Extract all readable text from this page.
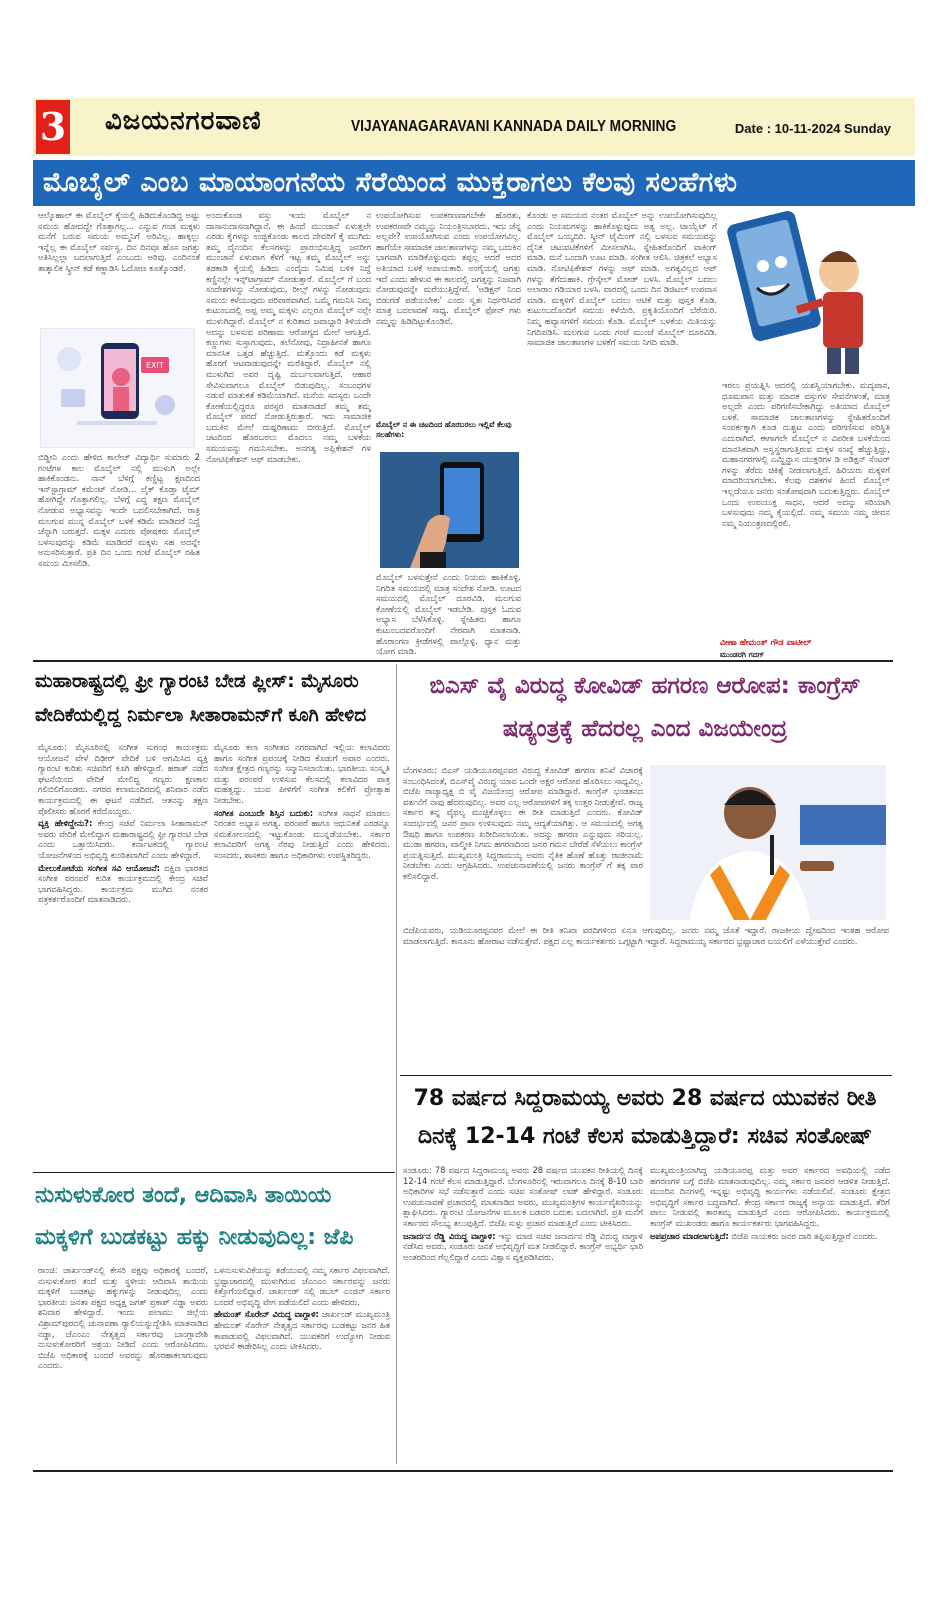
3 ವಿಜಯನಗರವಾಣಿ	VIJAYANAGARAVANI KANNADA DAILY MORNING	Date : 10-11-2024 Sunday
ಮೊಬೈಲ್ ಎಂಬ ಮಾಯಾಂಗನೆಯ ಸೆರೆಯಿಂದ ಮುಕ್ತರಾಗಲು ಕೆಲವು ಸಲಹೆಗಳು
ಆಲ್ಕೊಹಾಲ್ ಈ ಮೊಬೈಲ್ ಕೈಯಲ್ಲಿ ಹಿಡಿದುಕೊಂಡಿದ್ದ ಅಷ್ಟು ಸಮಯ ಹೋದದ್ದೇ ಗೊತ್ತಾಗಲ್ಲ... ಎನ್ನುವ ಗಂಡ ಮಕ್ಕಳು ಮನೆಗೆ ಬರುವ ಸಮಯ ಅಮ್ಮನಿಗೆ ಅರಿವಿಲ್ಲ. ಹಾಕ್ಕಲ್ಲು ಇನ್ನೆಲ್ಲ ಈ ಮೊಬೈಲ್ ಸರ್ವಸ್ವ. ದಿನ ದಿನವೂ ಹೊಸ ಜಗತ್ತು ಅತಿಸಿಲ್ಲಲ್ಲಾ ಬದಲಾಗುತ್ತಿದೆ ಎಂಬುದು ಅರಿವು. ಎಂದಿನಂತೆ ತಾತ್ಕಾಲಿಕ ಸ್ಕ್ರೀನ್ ಕಡೆ ಕಣ್ಣಾಡಿಸಿ ಓದೋಣ ಕೂತ್ಕೊಂಡರೆ.
EXIT
ಬಿಡ್ಡೀನಿ ಎಂದು ಹೇಳಿದ ಕಾಲೇಜ್ ವಿದ್ಯಾರ್ಥಿ ಸುಮಾರು 2 ಗಂಟೆಗಳ ಕಾಲ ಮೊಬೈಲ್ ನಲ್ಲಿ ಮುಳುಗಿ ಅಲ್ಲೇ ಹಾಕಿಕೊಂಡನು. ನಾನ್ ಬೆಳಿಗ್ಗೆ ಕಣ್ಣಿಟ್ಟ ಕ್ಷಣದಿಂದ ಇನ್‌ಸ್ಟಾಗ್ರಾಮ್ ಕಮೆಂಟ್ ನೋಡಿ... ಲೈಕ್ ಕೊಡ್ತಾ ಟೈಮ್ ಹೋಗಿದ್ದೇ ಗೊತ್ತಾಗಲಿಲ್ಲ. ಬೆಳಗ್ಗೆ ಎದ್ದ ತಕ್ಷಣ ಮೊಬೈಲ್ ನೋಡುವ ಅಭ್ಯಾಸವನ್ನು ಇಂದೇ ಬದಲಿಸಬೇಕಾಗಿದೆ. ರಾತ್ರಿ ಮಲಗುವ ಮುನ್ನ ಮೊಬೈಲ್ ಬಳಕೆ ಕಡಿಮೆ ಮಾಡಿದರೆ ನಿದ್ದೆ ಚೆನ್ನಾಗಿ ಬರುತ್ತದೆ. ಮಕ್ಕಳ ಎದುರು ಪೋಷಕರು ಮೊಬೈಲ್ ಬಳಸುವುದನ್ನು ಕಡಿಮೆ ಮಾಡಿದರೆ ಮಕ್ಕಳು ಸಹ ಅದನ್ನೇ ಅನುಸರಿಸುತ್ತಾರೆ. ಪ್ರತಿ ದಿನ ಒಂದು ಗಂಟೆ ಮೊಬೈಲ್ ರಹಿತ ಸಮಯ ಮೀಸಲಿಡಿ.
ಅಂದುಕೊಂಡ ವಸ್ತು ಇಂದು ಮೊಬೈಲ್ ನ ದಾಸಾನುದಾಸನಾಗಿದ್ದಾನೆ. ಈ ಹಿಂದೆ ಮುಂಜಾನೆ ಏಳುತ್ತಲೇ ಎರಡು ಕೈಗಳನ್ನು ಉಜ್ಜಿಕೊಂಡು ಕಾಲದ ದೇವರಿಗೆ ಕೈ ಮುಗಿದು ತಮ್ಮ ದೈನಂದಿನ ಕೆಲಸಗಳನ್ನು ಪ್ರಾರಂಭಿಸುತ್ತಿದ್ದ ಜನರೀಗ ಮುಂಜಾನೆ ಏಳುವಾಗ ಕೆಳಗೆ ಇಟ್ಟ ತಮ್ಮ ಮೊಬೈಲ್ ಅನ್ನು ತಡಕಾಡಿ ಕೈಯಲ್ಲಿ ಹಿಡಿದು ಎಂದೈದು ನಿಮಿಷ ಬಳಿಕ ನಿದ್ದೆ ಕಣ್ಣಿನಲ್ಲೇ ಇನ್ಸ್‌ಟಾಗ್ರಾಮ್ ನೋಡುತ್ತಾರೆ. ಮೊಬೈಲ್ ಗೆ ಬಂದ ಸಂದೇಶಗಳನ್ನು ನೋಡುವುದು, ರೀಲ್ಸ್ ಗಳನ್ನು ನೋಡುವುದು ಸಮಯ ಕಳೆಯುವುದು ಪರಿಪಾಠವಾಗಿದೆ. ಒಮ್ಮೆ ಗಮನಿಸಿ ನಿಮ್ಮ ಕುಟುಂಬದಲ್ಲಿ ಅಪ್ಪ ಅಮ್ಮ ಮಕ್ಕಳು ಎಲ್ಲರೂ ಮೊಬೈಲ್ ನಲ್ಲೇ ಮುಳುಗಿದ್ದಾರೆ. ಮೊಬೈಲ್ ನ ಕುರಿತಾದ ಜವಾಬ್ದಾರಿ ತಿಳಿಯದೇ ಅದನ್ನು ಬಳಸುವ ಪರಿಣಾಮ ಆರೋಗ್ಯದ ಮೇಲೆ ಆಗುತ್ತಿದೆ. ಕಣ್ಣುಗಳು ಸುಸ್ತಾಗುವುದು, ತಲೆನೋವು, ನಿದ್ರಾಹೀನತೆ ಹಾಗೂ ಮಾನಸಿಕ ಒತ್ತಡ ಹೆಚ್ಚುತ್ತಿದೆ. ಮತ್ತೊಂದು ಕಡೆ ಮಕ್ಕಳು ಹೊರಗೆ ಆಟವಾಡುವುದನ್ನೇ ಮರೆತಿದ್ದಾರೆ. ಮೊಬೈಲ್ ನಲ್ಲಿ ಮುಳುಗಿದ ಅವರ ದೃಷ್ಟಿ ದುರ್ಬಲವಾಗುತ್ತಿದೆ. ಆಹಾರ ಸೇವಿಸುವಾಗಲೂ ಮೊಬೈಲ್ ಬಿಡುವುದಿಲ್ಲ. ಸಂಬಂಧಗಳ ನಡುವೆ ಮಾತುಕತೆ ಕಡಿಮೆಯಾಗಿದೆ. ಮನೆಯ ಸದಸ್ಯರು ಒಂದೇ ಕೋಣೆಯಲ್ಲಿದ್ದರೂ ಪರಸ್ಪರ ಮಾತನಾಡದೆ ತಮ್ಮ ತಮ್ಮ ಮೊಬೈಲ್ ಪರದೆ ನೋಡುತ್ತಿರುತ್ತಾರೆ. ಇದು ಸಾಮಾಜಿಕ ಬದುಕಿನ ಮೇಲೆ ದುಷ್ಪರಿಣಾಮ ಬೀರುತ್ತಿದೆ. ಮೊಬೈಲ್ ಚಟದಿಂದ ಹೊರಬರಲು ಮೊದಲು ನಮ್ಮ ಬಳಕೆಯ ಸಮಯವನ್ನು ಗಮನಿಸಬೇಕು. ಅನಗತ್ಯ ಅಪ್ಲಿಕೇಶನ್ ಗಳ ನೋಟಿಫಿಕೇಶನ್ ಆಫ್ ಮಾಡಬೇಕು.
ಉಪಯೋಗಿಸುವ ಉಪಕರಣವಾಗಬೇಕೇ ಹೊರತು, ಉಪಕರಣವೇ ನಮ್ಮನ್ನು ನಿಯಂತ್ರಿಸಬಾರದು. ಇದು ಚೆನ್ನ ಅಲ್ಲವೇ? ಉಪಯೋಗಿಸುವ ಎಂದು ಉಪಯೋಗವಿಲ್ಲ. ಹಾಗೆಯೇ ಸಾಮಾಜಿಕ ಜಾಲತಾಣಗಳನ್ನು ನಮ್ಮ ಬದುಕಿನ ಭಾಗವಾಗಿ ಮಾಡಿಕೊಳ್ಳುವುದು ತಪ್ಪಲ್ಲ ಆದರೆ ಅದರ ಅತಿಯಾದ ಬಳಕೆ ಅಪಾಯಕಾರಿ. ಅಂಗೈಯಲ್ಲಿ ಜಗತ್ತು ಇದೆ ಎಂದು ಹೇಳುವ ಈ ಕಾಲದಲ್ಲಿ ಜಗತ್ತನ್ನು ನಿಜವಾಗಿ ನೋಡುವುದನ್ನೇ ಮರೆಯುತ್ತಿದ್ದೇವೆ. 'ಅಡಿಕ್ಷನ್ ನಿಂದ ಬಿಡುಗಡೆ ಪಡೆಯಬೇಕು' ಎಂದು ಸ್ವತಃ ನಿರ್ಧರಿಸಿದರೆ ಮಾತ್ರ ಬದಲಾವಣೆ ಸಾಧ್ಯ. ಮೊಬೈಲ್ ಫೋನ್ ಗಳು ನಮ್ಮನ್ನು ಹಿಡಿದಿಟ್ಟುಕೊಂಡಿವೆ.
ಮೊಬೈಲ್ ನ ಈ ಚಟದಿಂದ ಹೊರಬರಲು ಇಲ್ಲಿವೆ ಕೆಲವು ಸಲಹೆಗಳು:
ಮೊಬೈಲ್ ಬಳಸುತ್ತೇನೆ ಎಂದು ನಿಯಮ ಹಾಕಿಕೊಳ್ಳಿ. ನಿಗದಿತ ಸಮಯದಲ್ಲಿ ಮಾತ್ರ ಸಂದೇಶ ನೋಡಿ. ಊಟದ ಸಮಯದಲ್ಲಿ ಮೊಬೈಲ್ ದೂರವಿಡಿ. ಮಲಗುವ ಕೋಣೆಯಲ್ಲಿ ಮೊಬೈಲ್ ಇಡಬೇಡಿ. ಪುಸ್ತಕ ಓದುವ ಅಭ್ಯಾಸ ಬೆಳೆಸಿಕೊಳ್ಳಿ. ಸ್ನೇಹಿತರು ಹಾಗೂ ಕುಟುಂಬದವರೊಂದಿಗೆ ನೇರವಾಗಿ ಮಾತನಾಡಿ. ಹೊರಾಂಗಣ ಕ್ರೀಡೆಗಳಲ್ಲಿ ಪಾಲ್ಗೊಳ್ಳಿ. ಧ್ಯಾನ ಮತ್ತು ಯೋಗ ಮಾಡಿ.
ಕೊಂಡು ಆ ಸಮಯದ ನಂತರ ಮೊಬೈಲ್ ಅನ್ನು ಉಪಯೋಗಿಸುವುದಿಲ್ಲ ಎಂದು ನಿಯಮಗಳನ್ನು ಹಾಕಿಕೊಳ್ಳುವುದು ಅತ್ಯ ಅಲ್ಲ. ಟಾಯ್ಲೆಟ್ ಗೆ ಮೊಬೈಲ್ ಒಯ್ಯದಿರಿ. ಸ್ಕ್ರೀನ್ ಟೈಮಿಂಗ್ ನಲ್ಲಿ ಬಳಸುವ ಸಮಯವನ್ನು ದೈನಿಕ ಚಟುವಟಿಕೆಗಳಿಗೆ ಮೀಸಲಾಗಿಸಿ. ಸ್ನೇಹಿತರೊಂದಿಗೆ ವಾಕಿಂಗ್ ಮಾಡಿ. ಮನೆ ಒಂದಾಗಿ ಊಟ ಮಾಡಿ. ಸಂಗೀತ ಆಲಿಸಿ. ಚಿತ್ರಕಲೆ ಅಭ್ಯಾಸ ಮಾಡಿ. ನೋಟಿಫಿಕೇಶನ್ ಗಳನ್ನು ಆಫ್ ಮಾಡಿ. ಅಗತ್ಯವಿಲ್ಲದ ಆಪ್ ಗಳನ್ನು ತೆಗೆದುಹಾಕಿ. ಗ್ರೇಸ್ಕೇಲ್ ಮೋಡ್ ಬಳಸಿ. ಮೊಬೈಲ್ ಬದಲು ಅಲಾರಾಂ ಗಡಿಯಾರ ಬಳಸಿ. ವಾರದಲ್ಲಿ ಒಂದು ದಿನ ಡಿಜಿಟಲ್ ಉಪವಾಸ ಮಾಡಿ. ಮಕ್ಕಳಿಗೆ ಮೊಬೈಲ್ ಬದಲು ಆಟಿಕೆ ಮತ್ತು ಪುಸ್ತಕ ಕೊಡಿ. ಕುಟುಂಬದೊಂದಿಗೆ ಸಮಯ ಕಳೆಯಿರಿ. ಪ್ರಕೃತಿಯೊಂದಿಗೆ ಬೆರೆಯಿರಿ. ನಿಮ್ಮ ಹವ್ಯಾಸಗಳಿಗೆ ಸಮಯ ಕೊಡಿ. ಮೊಬೈಲ್ ಬಳಕೆಯ ಮಿತಿಯನ್ನು ನಿಗದಿಪಡಿಸಿ. ಮಲಗುವ ಒಂದು ಗಂಟೆ ಮುಂಚೆ ಮೊಬೈಲ್ ದೂರವಿಡಿ. ಸಾಮಾಜಿಕ ಜಾಲತಾಣಗಳ ಬಳಕೆಗೆ ಸಮಯ ನಿಗದಿ ಮಾಡಿ.
ಇರಲು ಪ್ರಯತ್ನಿಸಿ ಆದರಲ್ಲಿ ಯಶಸ್ವಿಯಾಗಬೇಕು. ಮದ್ಯಪಾನ, ಧೂಮಪಾನ ಮತ್ತು ಮಾದಕ ವಸ್ತುಗಳ ಸೇವನೆಗಳಂತೆ, ಮಾತ್ರ ಅಲ್ಲದೇ ಎಂದು ಪರಿಗಣಿಸಬೇಕಾಗಿದ್ದು ಅತಿಯಾದ ಮೊಬೈಲ್ ಬಳಕೆ. ಸಾಮಾಜಿಕ ಜಾಲತಾಣಗಳನ್ನು ಸ್ನೇಹಿತರೊಂದಿಗೆ ಸಂಪರ್ಕಕ್ಕಾಗಿ ಕೂಡ ದುಶ್ಚಟ ಎಂದು ಪರಿಗಣಿಸುವ ಪರಿಸ್ಥಿತಿ ಎದುರಾಗಿದೆ. ಈಗಾಗಲೇ ಮೊಬೈಲ್ ನ ವಿಪರೀತ ಬಳಕೆಯಿಂದ ಮಾನಸಿಕವಾಗಿ ಅಸ್ವಸ್ಥರಾಗುತ್ತಿರುವ ಮಕ್ಕಳ ಸಂಖ್ಯೆ ಹೆಚ್ಚುತ್ತಿದ್ದು, ಮಹಾನಗರಗಳಲ್ಲಿ ಎಮ್ಹಿನ್ಹಾಸ ಯುಕ್ತರಿಗಳ ಡಿ ಅಡಿಕ್ಷನ್ ಸೆಂಟರ್ ಗಳನ್ನು ತೆರೆದು ಚಿಕಿತ್ಸೆ ನೀಡಲಾಗುತ್ತಿದೆ. ಹಿರಿಯರು ಮಕ್ಕಳಿಗೆ ಮಾದರಿಯಾಗಬೇಕು. ಕೆಲವು ದಶಕಗಳ ಹಿಂದೆ ಮೊಬೈಲ್ ಇಲ್ಲದೆಯೂ ಜನರು ಸಂತೋಷವಾಗಿ ಬದುಕುತ್ತಿದ್ದರು. ಮೊಬೈಲ್ ಒಂದು ಉಪಯುಕ್ತ ಸಾಧನ, ಆದರೆ ಅದನ್ನು ಸರಿಯಾಗಿ ಬಳಸುವುದು ನಮ್ಮ ಕೈಯಲ್ಲಿದೆ. ನಮ್ಮ ಸಮಯ ನಮ್ಮ ಜೀವನ ನಮ್ಮ ನಿಯಂತ್ರಣದಲ್ಲಿರಲಿ.
ವೀಣಾ ಹೇಮಂತ್ ಗೌಡ ಪಾಟೀಲ್
ಮುಂಡರಗಿ ಗದಗ್
ಮಹಾರಾಷ್ಟ್ರದಲ್ಲಿ ಫ್ರೀ ಗ್ಯಾರಂಟಿ ಬೇಡ ಪ್ಲೀಸ್: ಮೈಸೂರು ವೇದಿಕೆಯಲ್ಲಿದ್ದ ನಿರ್ಮಲಾ ಸೀತಾರಾಮನ್‌ಗೆ ಕೂಗಿ ಹೇಳಿದ

ಮೈಸೂರು: ಮೈಸೂರಿನಲ್ಲಿ ಸಂಗೀತ ಸುಗಂಧ ಕಾರ್ಯಕ್ರಮ ಆಯೋಜನೆ ವೇಳೆ ದಿಢೀರ್ ವೇದಿಕೆ ಬಳಿ ಆಗಮಿಸಿದ ವ್ಯಕ್ತಿ ಗ್ಯಾರಂಟಿ ಕುರಿತು ಸಚಿವರಿಗೆ ಕೂಗಿ ಹೇಳಿದ್ದಾರೆ. ಹಠಾತ್ ನಡೆದ ಘಟನೆಯಿಂದ ವೇದಿಕೆ ಮೇಲಿದ್ದ ಗಣ್ಯರು ಕ್ಷಣಕಾಲ ಗಲಿಬಿಲಿಗೊಂಡರು. ನಗರದ ಕಲಾಮಂದಿರದಲ್ಲಿ ಶನಿವಾರ ನಡೆದ ಕಾರ್ಯಕ್ರಮದಲ್ಲಿ ಈ ಘಟನೆ ನಡೆದಿದೆ. ಆತನನ್ನು ತಕ್ಷಣ ಪೊಲೀಸರು ಹೊರಗೆ ಕರೆದೊಯ್ದರು.

ವ್ಯಕ್ತಿ ಹೇಳಿದ್ದೇನು?: ಕೇಂದ್ರ ಸಚಿವೆ ನಿರ್ಮಲಾ ಸೀತಾರಾಮನ್ ಅವರು ವೇದಿಕೆ ಮೇಲಿದ್ದಾಗ ಮಹಾರಾಷ್ಟ್ರದಲ್ಲಿ ಫ್ರೀ ಗ್ಯಾರಂಟಿ ಬೇಡ ಎಂದು ಒತ್ತಾಯಿಸಿದರು. ಕರ್ನಾಟಕದಲ್ಲಿ ಗ್ಯಾರಂಟಿ ಯೋಜನೆಗಳಿಂದ ಅಭಿವೃದ್ಧಿ ಕುಂಠಿತವಾಗಿದೆ ಎಂದು ಹೇಳಿದ್ದಾರೆ.

ಮೇಲುಕೋಟೆಯ ಸಂಗೀತ ಸವಿ ಆಯೋಜನೆ: ದಕ್ಷಿಣ ಭಾರತದ ಸಂಗೀತ ಪರಂಪರೆ ಕುರಿತ ಕಾರ್ಯಕ್ರಮದಲ್ಲಿ ಕೇಂದ್ರ ಸಚಿವೆ ಭಾಗವಹಿಸಿದ್ದರು. ಕಾರ್ಯಕ್ರಮ ಮುಗಿದ ನಂತರ ಪತ್ರಕರ್ತರೊಂದಿಗೆ ಮಾತನಾಡಿದರು.

ಮೈಸೂರು ಕಲಾ ಸಂಗೀತದ ನಗರವಾಗಿದೆ ಇಲ್ಲಿಯ ಕಲಾವಿದರು ಹಾಗೂ ಸಂಗೀತ ಪ್ರಪಂಚಕ್ಕೆ ನೀಡಿದ ಕೊಡುಗೆ ಅಪಾರ ಎಂದರು. ಸಂಗೀತ ಕ್ಷೇತ್ರದ ಗಣ್ಯರನ್ನು ಸನ್ಮಾನಿಸಲಾಯಿತು. ಭಾರತೀಯ ಸಂಸ್ಕೃತಿ ಮತ್ತು ಪರಂಪರೆ ಉಳಿಸುವ ಕೆಲಸದಲ್ಲಿ ಕಲಾವಿದರ ಪಾತ್ರ ಮಹತ್ವದ್ದು. ಯುವ ಪೀಳಿಗೆಗೆ ಸಂಗೀತ ಕಲಿಕೆಗೆ ಪ್ರೋತ್ಸಾಹ ನೀಡಬೇಕು.

ಸಂಗೀತ ಎಂಬುದೇ ಶಿಸ್ತಿನ ಬದುಕು: ಸಂಗೀತ ಸಾಧನೆ ಮಾಡಲು ನಿರಂತರ ಅಭ್ಯಾಸ ಅಗತ್ಯ. ಪರಂಪರೆ ಹಾಗೂ ಆಧುನಿಕತೆ ಎರಡನ್ನೂ ಸಮತೋಲನದಲ್ಲಿ ಇಟ್ಟುಕೊಂಡು ಮುನ್ನಡೆಯಬೇಕು. ಸರ್ಕಾರ ಕಲಾವಿದರಿಗೆ ಅಗತ್ಯ ನೆರವು ನೀಡುತ್ತಿದೆ ಎಂದು ಹೇಳಿದರು. ಸಂಸದರು, ಶಾಸಕರು ಹಾಗೂ ಅಧಿಕಾರಿಗಳು ಉಪಸ್ಥಿತರಿದ್ದರು.

ಬಿಎಸ್ ವೈ ವಿರುದ್ಧ ಕೋವಿಡ್ ಹಗರಣ ಆರೋಪ: ಕಾಂಗ್ರೆಸ್ ಷಡ್ಯಂತ್ರಕ್ಕೆ ಹೆದರಲ್ಲ ಎಂದ ವಿಜಯೇಂದ್ರ
ಬೆಂಗಳೂರು: ಬಿಎಸ್ ಯಡಿಯೂರಪ್ಪನವರ ವಿರುದ್ಧ ಕೋವಿಡ್ ಹಗರಣ ತನಿಖೆ ವಿಚಾರಕ್ಕೆ ಸಂಬಂಧಿಸಿದಂತೆ, ಬಿಎಸ್‌ವೈ ವಿರುದ್ಧ ಯಾವ ಒಂದೇ ಅಕ್ಷರ ಆರೋಪ ಹೊರಿಸಲು ಸಾಧ್ಯವಿಲ್ಲ. ಬಿಜೆಪಿ ರಾಜ್ಯಾಧ್ಯಕ್ಷ ಬಿ ವೈ ವಿಜಯೇಂದ್ರ ಆರೋಪ ಮಾಡಿದ್ದಾರೆ. ಕಾಂಗ್ರೆಸ್ ಭಂಡತನದ ವರ್ತನೆಗೆ ನಾವು ಹೆದರುವುದಿಲ್ಲ. ಅವರ ಎಲ್ಲ ಆರೋಪಗಳಿಗೆ ತಕ್ಕ ಉತ್ತರ ನೀಡುತ್ತೇವೆ. ರಾಜ್ಯ ಸರ್ಕಾರ ತನ್ನ ವೈಫಲ್ಯ ಮುಚ್ಚಿಕೊಳ್ಳಲು ಈ ರೀತಿ ಮಾಡುತ್ತಿದೆ ಎಂದರು. ಕೋವಿಡ್ ಸಂದರ್ಭದಲ್ಲಿ ಜನರ ಪ್ರಾಣ ಉಳಿಸುವುದು ನಮ್ಮ ಆದ್ಯತೆಯಾಗಿತ್ತು. ಆ ಸಮಯದಲ್ಲಿ ಅಗತ್ಯ ಔಷಧಿ ಹಾಗೂ ಉಪಕರಣ ಖರೀದಿಸಲಾಯಿತು. ಅದನ್ನು ಹಗರಣ ಎನ್ನುವುದು ಸರಿಯಲ್ಲ. ಮುಡಾ ಹಗರಣ, ವಾಲ್ಮೀಕಿ ನಿಗಮ ಹಗರಣದಿಂದ ಜನರ ಗಮನ ಬೇರೆಡೆ ಸೆಳೆಯಲು ಕಾಂಗ್ರೆಸ್ ಪ್ರಯತ್ನಿಸುತ್ತಿದೆ. ಮುಖ್ಯಮಂತ್ರಿ ಸಿದ್ದರಾಮಯ್ಯ ಅವರು ನೈತಿಕ ಹೊಣೆ ಹೊತ್ತು ರಾಜೀನಾಮೆ ನೀಡಬೇಕು ಎಂದು ಆಗ್ರಹಿಸಿದರು. ಉಪಚುನಾವಣೆಯಲ್ಲಿ ಜನರು ಕಾಂಗ್ರೆಸ್ ಗೆ ತಕ್ಕ ಪಾಠ ಕಲಿಸಲಿದ್ದಾರೆ.
ಬಿಜೆಪಿಯವರು, ಯಡಿಯೂರಪ್ಪನವರ ಮೇಲೆ ಈ ರೀತಿ ತನಿಖಾ ವರದಿಗಳಿಂದ ಏನೂ ಆಗುವುದಿಲ್ಲ. ಜನರು ನಮ್ಮ ಜೊತೆ ಇದ್ದಾರೆ. ರಾಜಕೀಯ ದ್ವೇಷದಿಂದ ಇಂತಹ ಆರೋಪ ಮಾಡಲಾಗುತ್ತಿದೆ. ಕಾನೂನು ಹೋರಾಟ ನಡೆಸುತ್ತೇವೆ. ಪಕ್ಷದ ಎಲ್ಲ ಕಾರ್ಯಕರ್ತರು ಒಗ್ಗಟ್ಟಾಗಿ ಇದ್ದಾರೆ. ಸಿದ್ದರಾಮಯ್ಯ ಸರ್ಕಾರದ ಭ್ರಷ್ಟಾಚಾರ ಬಯಲಿಗೆ ಎಳೆಯುತ್ತೇವೆ ಎಂದರು.
78 ವರ್ಷದ ಸಿದ್ದರಾಮಯ್ಯ ಅವರು 28 ವರ್ಷದ ಯುವಕನ ರೀತಿ ದಿನಕ್ಕೆ 12-14 ಗಂಟೆ ಕೆಲಸ ಮಾಡುತ್ತಿದ್ದಾರೆ: ಸಚಿವ ಸಂತೋಷ್

ಸಂಡೂರು: 78 ವರ್ಷದ ಸಿದ್ದರಾಮಯ್ಯ ಅವರು 28 ವರ್ಷದ ಯುವಕನ ರೀತಿಯಲ್ಲಿ ದಿನಕ್ಕೆ 12-14 ಗಂಟೆ ಕೆಲಸ ಮಾಡುತ್ತಿದ್ದಾರೆ. ಬೆಂಗಳೂರಿನಲ್ಲಿ ಇರುವಾಗಲೂ ದಿನಕ್ಕೆ 8-10 ಬಾರಿ ಅಧಿಕಾರಿಗಳ ಸಭೆ ನಡೆಸುತ್ತಾರೆ ಎಂದು ಸಚಿವ ಸಂತೋಷ್ ಲಾಡ್ ಹೇಳಿದ್ದಾರೆ. ಸಂಡೂರು ಉಪಚುನಾವಣೆ ಪ್ರಚಾರದಲ್ಲಿ ಮಾತನಾಡಿದ ಅವರು, ಮುಖ್ಯಮಂತ್ರಿಗಳ ಕಾರ್ಯವೈಖರಿಯನ್ನು ಶ್ಲಾಘಿಸಿದರು. ಗ್ಯಾರಂಟಿ ಯೋಜನೆಗಳ ಮೂಲಕ ಬಡವರ ಬದುಕು ಬದಲಾಗಿದೆ. ಪ್ರತಿ ಮನೆಗೆ ಸರ್ಕಾರದ ಸೌಲಭ್ಯ ತಲುಪುತ್ತಿದೆ. ಬಿಜೆಪಿ ಸುಳ್ಳು ಪ್ರಚಾರ ಮಾಡುತ್ತಿದೆ ಎಂದು ಟೀಕಿಸಿದರು.

ಜನಾರ್ದನ ರೆಡ್ಡಿ ವಿರುದ್ಧ ವಾಗ್ದಾಳಿ: ಇನ್ನು ಮಾಜಿ ಸಚಿವ ಜನಾರ್ದನ ರೆಡ್ಡಿ ವಿರುದ್ಧ ವಾಗ್ದಾಳಿ ನಡೆಸಿದ ಅವರು, ಸಂಡೂರು ಜನತೆ ಅಭಿವೃದ್ಧಿಗೆ ಮತ ನೀಡಲಿದ್ದಾರೆ. ಕಾಂಗ್ರೆಸ್ ಅಭ್ಯರ್ಥಿ ಭಾರಿ ಅಂತರದಿಂದ ಗೆಲ್ಲಲಿದ್ದಾರೆ ಎಂದು ವಿಶ್ವಾಸ ವ್ಯಕ್ತಪಡಿಸಿದರು.

ಮುಖ್ಯಮಂತ್ರಿಯಾಗಿದ್ದ ಯಡಿಯೂರಪ್ಪ ಮತ್ತು ಅವರ ಸರ್ಕಾರದ ಅವಧಿಯಲ್ಲಿ ನಡೆದ ಹಗರಣಗಳ ಬಗ್ಗೆ ಬಿಜೆಪಿ ಮಾತನಾಡುವುದಿಲ್ಲ. ನಮ್ಮ ಸರ್ಕಾರ ಜನಪರ ಆಡಳಿತ ನೀಡುತ್ತಿದೆ. ಮುಂದಿನ ದಿನಗಳಲ್ಲಿ ಇನ್ನಷ್ಟು ಅಭಿವೃದ್ಧಿ ಕಾರ್ಯಗಳು ನಡೆಯಲಿವೆ. ಸಂಡೂರು ಕ್ಷೇತ್ರದ ಅಭಿವೃದ್ಧಿಗೆ ಸರ್ಕಾರ ಬದ್ಧವಾಗಿದೆ. ಕೇಂದ್ರ ಸರ್ಕಾರ ರಾಜ್ಯಕ್ಕೆ ಅನ್ಯಾಯ ಮಾಡುತ್ತಿದೆ. ತೆರಿಗೆ ಪಾಲು ನೀಡುವಲ್ಲಿ ತಾರತಮ್ಯ ಮಾಡುತ್ತಿದೆ ಎಂದು ಆರೋಪಿಸಿದರು. ಕಾರ್ಯಕ್ರಮದಲ್ಲಿ ಕಾಂಗ್ರೆಸ್ ಮುಖಂಡರು ಹಾಗೂ ಕಾರ್ಯಕರ್ತರು ಭಾಗವಹಿಸಿದ್ದರು.

ಅಪಪ್ರಚಾರ ಮಾಡಲಾಗುತ್ತಿದೆ: ಬಿಜೆಪಿ ನಾಯಕರು ಜನರ ದಾರಿ ತಪ್ಪಿಸುತ್ತಿದ್ದಾರೆ ಎಂದರು.

ನುಸುಳುಕೋರ ತಂದೆ, ಆದಿವಾಸಿ ತಾಯಿಯ ಮಕ್ಕಳಿಗೆ ಬುಡಕಟ್ಟು ಹಕ್ಕು ನೀಡುವುದಿಲ್ಲ: ಜೆಪಿ
ರಾಂಚಿ: ಜಾರ್ಖಂಡ್‌ನಲ್ಲಿ ಕೇಸರಿ ಪಕ್ಷವು ಅಧಿಕಾರಕ್ಕೆ ಬಂದರೆ, ನುಸುಳುಕೋರ ತಂದೆ ಮತ್ತು ಸ್ಥಳೀಯ ಆದಿವಾಸಿ ತಾಯಿಯ ಮಕ್ಕಳಿಗೆ ಬುಡಕಟ್ಟು ಹಕ್ಕುಗಳನ್ನು ನೀಡುವುದಿಲ್ಲ ಎಂದು ಭಾರತೀಯ ಜನತಾ ಪಕ್ಷದ ಅಧ್ಯಕ್ಷ ಜಗತ್ ಪ್ರಕಾಶ್ ನಡ್ಡಾ ಅವರು ಶನಿವಾರ ಹೇಳಿದ್ದಾರೆ. ಇಂದು ಪಲಾಮು ಜಿಲ್ಲೆಯ ವಿಶ್ರಾಮ್‌ಪುರದಲ್ಲಿ ಚುನಾವಣಾ ರ್‍ಯಾಲಿಯನ್ನುದ್ದೇಶಿಸಿ ಮಾತನಾಡಿದ ನಡ್ಡಾ, ಜೆಎಂಎಂ ನೇತೃತ್ವದ ಸರ್ಕಾರವು ಬಾಂಗ್ಲಾದೇಶಿ ನುಸುಳುಕೋರರಿಗೆ ಆಶ್ರಯ ನೀಡಿದೆ ಎಂದು ಆರೋಪಿಸಿದರು. ಬಿಜೆಪಿ ಅಧಿಕಾರಕ್ಕೆ ಬಂದರೆ ಅವರನ್ನು ಹೊರಹಾಕಲಾಗುವುದು ಎಂದರು.

ಒಳನುಸುಳುವಿಕೆಯನ್ನು ತಡೆಯುವಲ್ಲಿ ನಮ್ಮ ಸರ್ಕಾರ ವಿಫಲವಾಗಿದೆ. ಭ್ರಷ್ಟಾಚಾರದಲ್ಲಿ ಮುಳುಗಿರುವ ಜೆಎಂಎಂ ಸರ್ಕಾರವನ್ನು ಜನರು ಕಿತ್ತೊಗೆಯಲಿದ್ದಾರೆ. ಜಾರ್ಖಂಡ್ ನಲ್ಲಿ ಡಬಲ್ ಎಂಜಿನ್ ಸರ್ಕಾರ ಬಂದರೆ ಅಭಿವೃದ್ಧಿ ವೇಗ ಪಡೆಯಲಿದೆ ಎಂದು ಹೇಳಿದರು.

ಹೇಮಂತ್ ಸೊರೇನ್ ವಿರುದ್ಧ ವಾಗ್ದಾಳಿ: ಜಾರ್ಖಂಡ್ ಮುಖ್ಯಮಂತ್ರಿ ಹೇಮಂತ್ ಸೊರೇನ್ ನೇತೃತ್ವದ ಸರ್ಕಾರವು ಬುಡಕಟ್ಟು ಜನರ ಹಿತ ಕಾಪಾಡುವಲ್ಲಿ ವಿಫಲವಾಗಿದೆ. ಯುವಕರಿಗೆ ಉದ್ಯೋಗ ನೀಡುವ ಭರವಸೆ ಈಡೇರಿಸಿಲ್ಲ ಎಂದು ಟೀಕಿಸಿದರು.
